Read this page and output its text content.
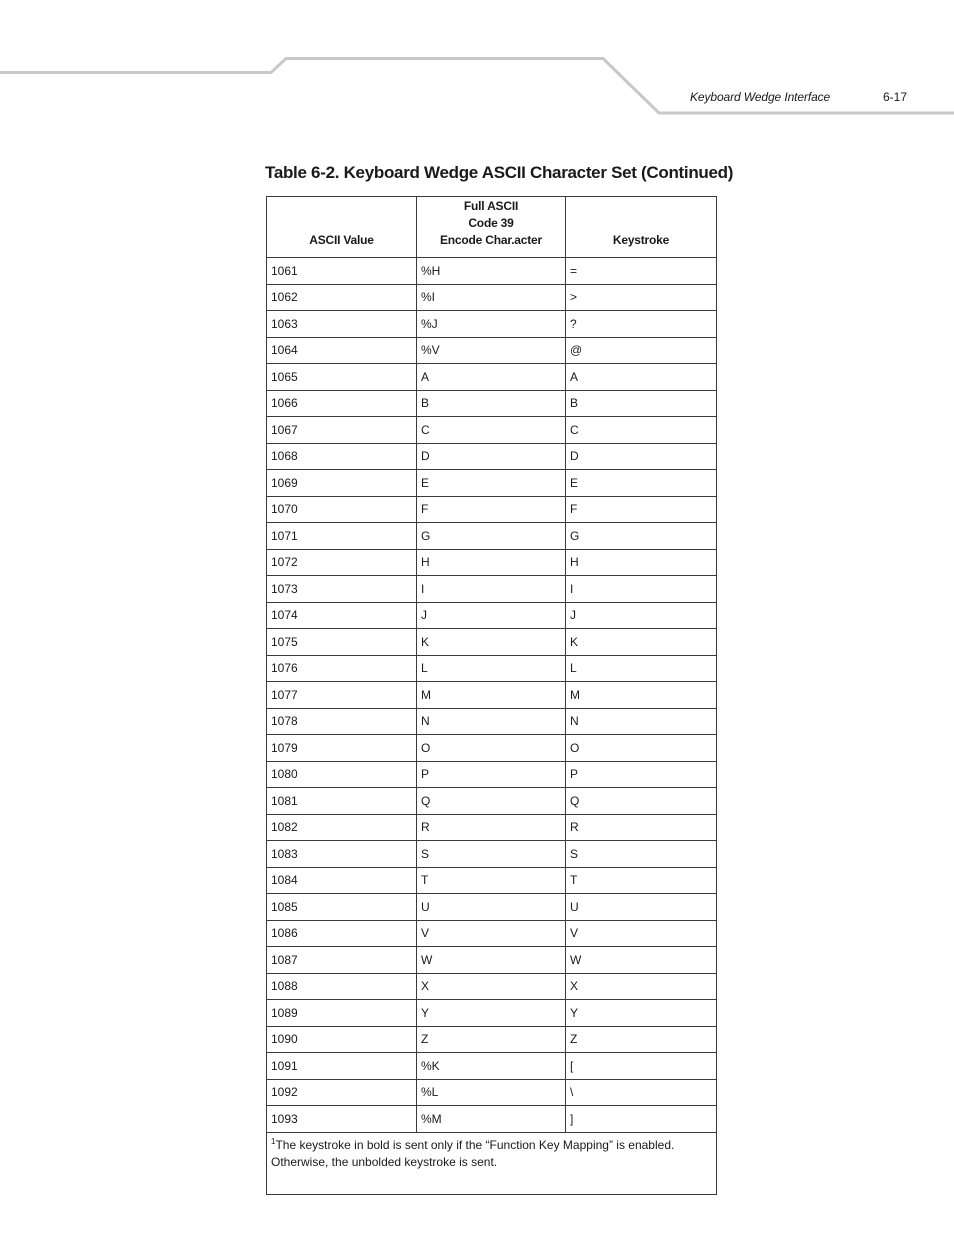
Keyboard Wedge Interface	6-17
Table 6-2. Keyboard Wedge ASCII Character Set (Continued)
ASCII Value	Full ASCII
Code 39
Encode Char.acter	Keystroke
1061	%H	=
1062	%I	>
1063	%J	?
1064	%V	@
1065	A	A
1066	B	B
1067	C	C
1068	D	D
1069	E	E
1070	F	F
1071	G	G
1072	H	H
1073	I	I
1074	J	J
1075	K	K
1076	L	L
1077	M	M
1078	N	N
1079	O	O
1080	P	P
1081	Q	Q
1082	R	R
1083	S	S
1084	T	T
1085	U	U
1086	V	V
1087	W	W
1088	X	X
1089	Y	Y
1090	Z	Z
1091	%K	[
1092	%L	\
1093	%M	]
$^1$The keystroke in bold is sent only if the “Function Key Mapping” is enabled. Otherwise, the unbolded keystroke is sent.		
